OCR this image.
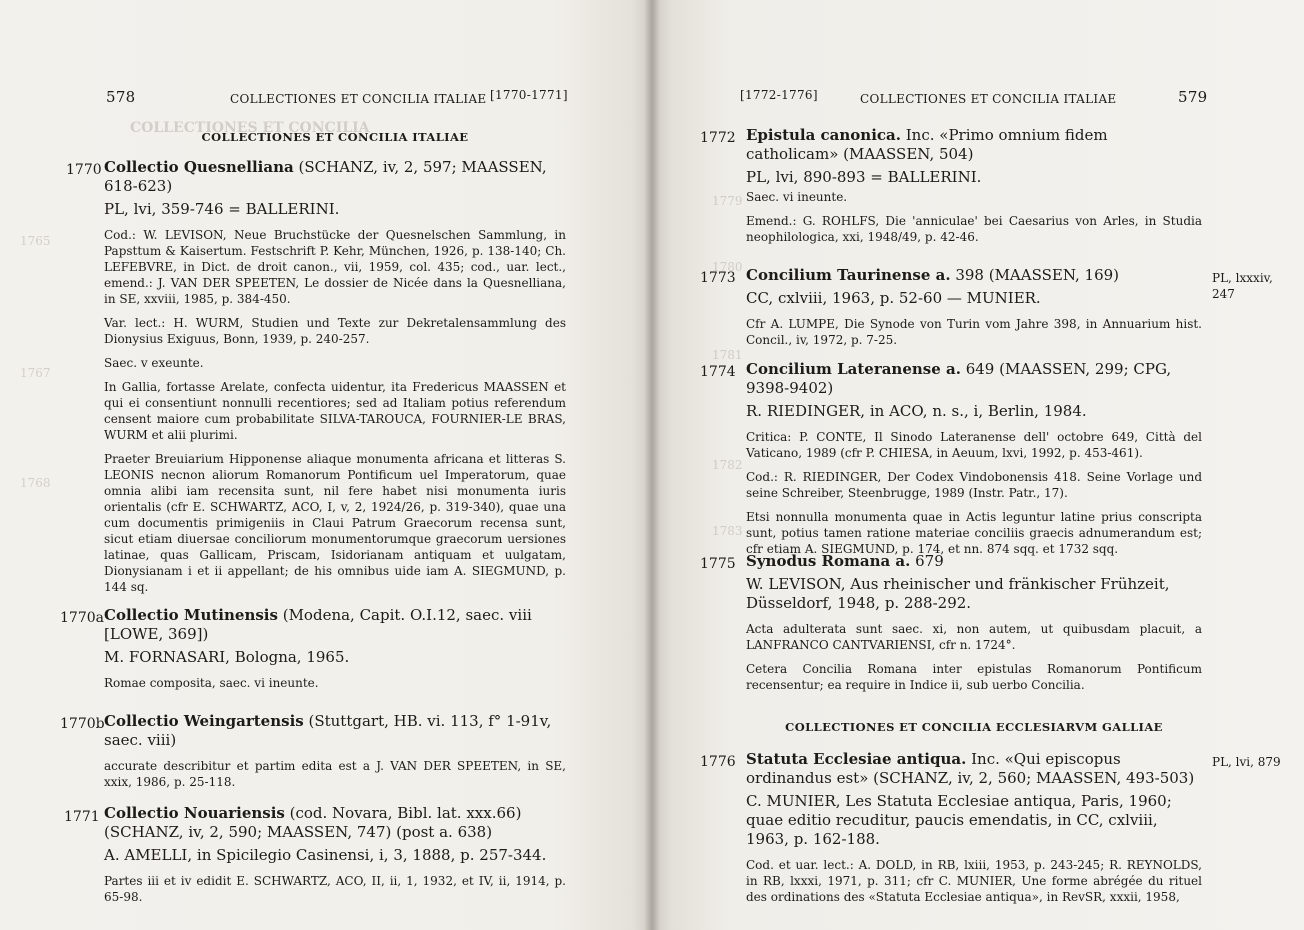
COLLECTIONES ET CONCILIA
1765

1767

1768
578	COLLECTIONES ET CONCILIA ITALIAE [1770-1771]
COLLECTIONES ET CONCILIA ITALIAE
1770 Collectio Quesnelliana (SCHANZ, iv, 2, 597; MAASSEN, 618-623)
PL, lvi, 359-746 = BALLERINI.
Cod.: W. LEVISON, Neue Bruchstücke der Quesnelschen Sammlung, in Papsttum & Kaisertum. Festschrift P. Kehr, München, 1926, p. 138-140; Ch. LEFEBVRE, in Dict. de droit canon., vii, 1959, col. 435; cod., uar. lect., emend.: J. VAN DER SPEETEN, Le dossier de Nicée dans la Quesnelliana, in SE, xxviii, 1985, p. 384-450.
Var. lect.: H. WURM, Studien und Texte zur Dekretalensammlung des Dionysius Exiguus, Bonn, 1939, p. 240-257.
Saec. v exeunte.
In Gallia, fortasse Arelate, confecta uidentur, ita Fredericus MAASSEN et qui ei consentiunt nonnulli recentiores; sed ad Italiam potius referendum censent maiore cum probabilitate SILVA-TAROUCA, FOURNIER-LE BRAS, WURM et alii plurimi.
Praeter Breuiarium Hipponense aliaque monumenta africana et litteras S. LEONIS necnon aliorum Romanorum Pontificum uel Imperatorum, quae omnia alibi iam recensita sunt, nil fere habet nisi monumenta iuris orientalis (cfr E. SCHWARTZ, ACO, I, v, 2, 1924/26, p. 319-340), quae una cum documentis primigeniis in Claui Patrum Graecorum recensa sunt, sicut etiam diuersae conciliorum monumentorumque graecorum uersiones latinae, quas Gallicam, Priscam, Isidorianam antiquam et uulgatam, Dionysianam i et ii appellant; de his omnibus uide iam A. SIEGMUND, p. 144 sq.
1770a Collectio Mutinensis (Modena, Capit. O.I.12, saec. viii [LOWE, 369])
M. FORNASARI, Bologna, 1965.
Romae composita, saec. vi ineunte.
1770b Collectio Weingartensis (Stuttgart, HB. vi. 113, f° 1-91v, saec. viii)
accurate describitur et partim edita est a J. VAN DER SPEETEN, in SE, xxix, 1986, p. 25-118.
1771 Collectio Nouariensis (cod. Novara, Bibl. lat. xxx.66) (SCHANZ, iv, 2, 590; MAASSEN, 747) (post a. 638)
A. AMELLI, in Spicilegio Casinensi, i, 3, 1888, p. 257-344.
Partes iii et iv edidit E. SCHWARTZ, ACO, II, ii, 1, 1932, et IV, ii, 1914, p. 65-98.
1779

1780

1781

1782

1783
[1772-1776]	COLLECTIONES ET CONCILIA ITALIAE	579
1772 Epistula canonica. Inc. «Primo omnium fidem catholicam» (MAASSEN, 504)
PL, lvi, 890-893 = BALLERINI.
Saec. vi ineunte.
Emend.: G. ROHLFS, Die 'anniculae' bei Caesarius von Arles, in Studia neophilologica, xxi, 1948/49, p. 42-46.
1773 Concilium Taurinense a. 398 (MAASSEN, 169)
CC, cxlviii, 1963, p. 52-60 — MUNIER.
Cfr A. LUMPE, Die Synode von Turin vom Jahre 398, in Annuarium hist. Concil., iv, 1972, p. 7-25.
PL, lxxxiv, 247
1774 Concilium Lateranense a. 649 (MAASSEN, 299; CPG, 9398-9402)
R. RIEDINGER, in ACO, n. s., i, Berlin, 1984.
Critica: P. CONTE, Il Sinodo Lateranense dell' octobre 649, Città del Vaticano, 1989 (cfr P. CHIESA, in Aeuum, lxvi, 1992, p. 453-461).
Cod.: R. RIEDINGER, Der Codex Vindobonensis 418. Seine Vorlage und seine Schreiber, Steenbrugge, 1989 (Instr. Patr., 17).
Etsi nonnulla monumenta quae in Actis leguntur latine prius conscripta sunt, potius tamen ratione materiae conciliis graecis adnumerandum est; cfr etiam A. SIEGMUND, p. 174, et nn. 874 sqq. et 1732 sqq.
1775 Synodus Romana a. 679
W. LEVISON, Aus rheinischer und fränkischer Frühzeit, Düsseldorf, 1948, p. 288-292.
Acta adulterata sunt saec. xi, non autem, ut quibusdam placuit, a LANFRANCO CANTVARIENSI, cfr n. 1724°.
Cetera Concilia Romana inter epistulas Romanorum Pontificum recensentur; ea require in Indice ii, sub uerbo Concilia.
COLLECTIONES ET CONCILIA ECCLESIARVM GALLIAE
1776 Statuta Ecclesiae antiqua. Inc. «Qui episcopus ordinandus est» (SCHANZ, iv, 2, 560; MAASSEN, 493-503)
C. MUNIER, Les Statuta Ecclesiae antiqua, Paris, 1960; quae editio recuditur, paucis emendatis, in CC, cxlviii, 1963, p. 162-188.
Cod. et uar. lect.: A. DOLD, in RB, lxiii, 1953, p. 243-245; R. REYNOLDS, in RB, lxxxi, 1971, p. 311; cfr C. MUNIER, Une forme abrégée du rituel des ordinations des «Statuta Ecclesiae antiqua», in RevSR, xxxii, 1958,
PL, lvi, 879
